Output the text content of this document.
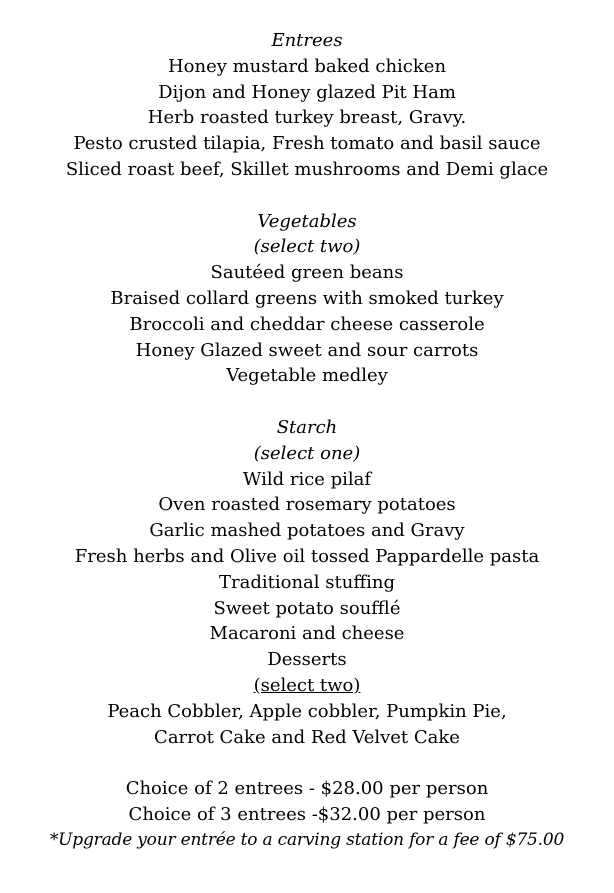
Entrees
Honey mustard baked chicken
Dijon and Honey glazed Pit Ham
Herb roasted turkey breast, Gravy.
Pesto crusted tilapia, Fresh tomato and basil sauce
Sliced roast beef, Skillet mushrooms and Demi glace
Vegetables
(select two)
Sautéed green beans
Braised collard greens with smoked turkey
Broccoli and cheddar cheese casserole
Honey Glazed sweet and sour carrots
Vegetable medley
Starch
(select one)
Wild rice pilaf
Oven roasted rosemary potatoes
Garlic mashed potatoes and Gravy
Fresh herbs and Olive oil tossed Pappardelle pasta
Traditional stuffing
Sweet potato soufflé
Macaroni and cheese
Desserts
(select two)
Peach Cobbler, Apple cobbler, Pumpkin Pie,
Carrot Cake and Red Velvet Cake
Choice of 2 entrees - $28.00 per person
Choice of 3 entrees -$32.00 per person
*Upgrade your entrée to a carving station for a fee of $75.00
